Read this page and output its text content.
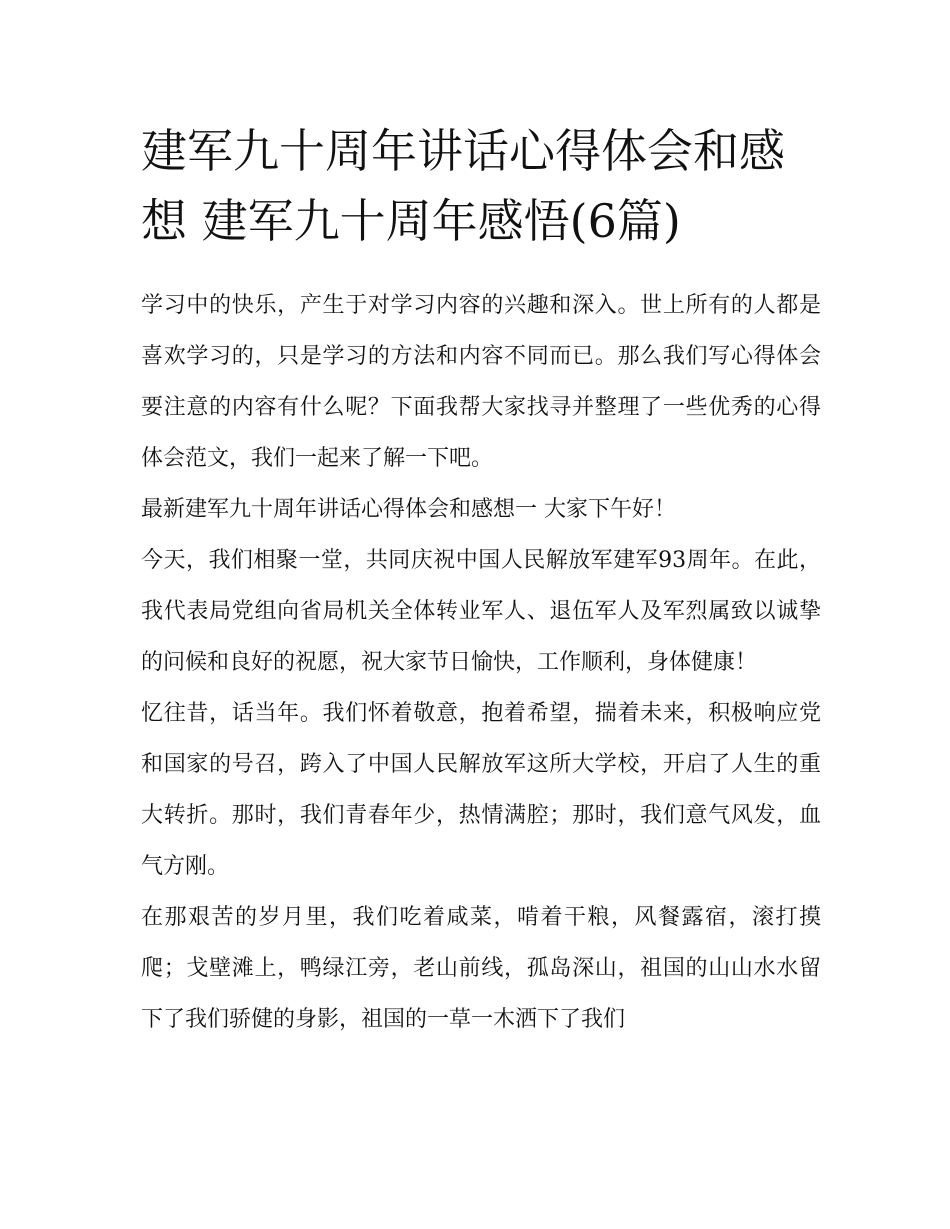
建军九十周年讲话心得体会和感想 建军九十周年感悟(6篇)

学习中的快乐，产生于对学习内容的兴趣和深入。世上所有的人都是喜欢学习的，只是学习的方法和内容不同而已。那么我们写心得体会要注意的内容有什么呢？下面我帮大家找寻并整理了一些优秀的心得体会范文，我们一起来了解一下吧。

最新建军九十周年讲话心得体会和感想一 大家下午好！

今天，我们相聚一堂，共同庆祝中国人民解放军建军93周年。在此，我代表局党组向省局机关全体转业军人、退伍军人及军烈属致以诚挚的问候和良好的祝愿，祝大家节日愉快，工作顺利，身体健康！

忆往昔，话当年。我们怀着敬意，抱着希望，揣着未来，积极响应党和国家的号召，跨入了中国人民解放军这所大学校，开启了人生的重大转折。那时，我们青春年少，热情满腔；那时，我们意气风发，血气方刚。

在那艰苦的岁月里，我们吃着咸菜，啃着干粮，风餐露宿，滚打摸爬；戈壁滩上，鸭绿江旁，老山前线，孤岛深山，祖国的山山水水留下了我们骄健的身影，祖国的一草一木洒下了我们
